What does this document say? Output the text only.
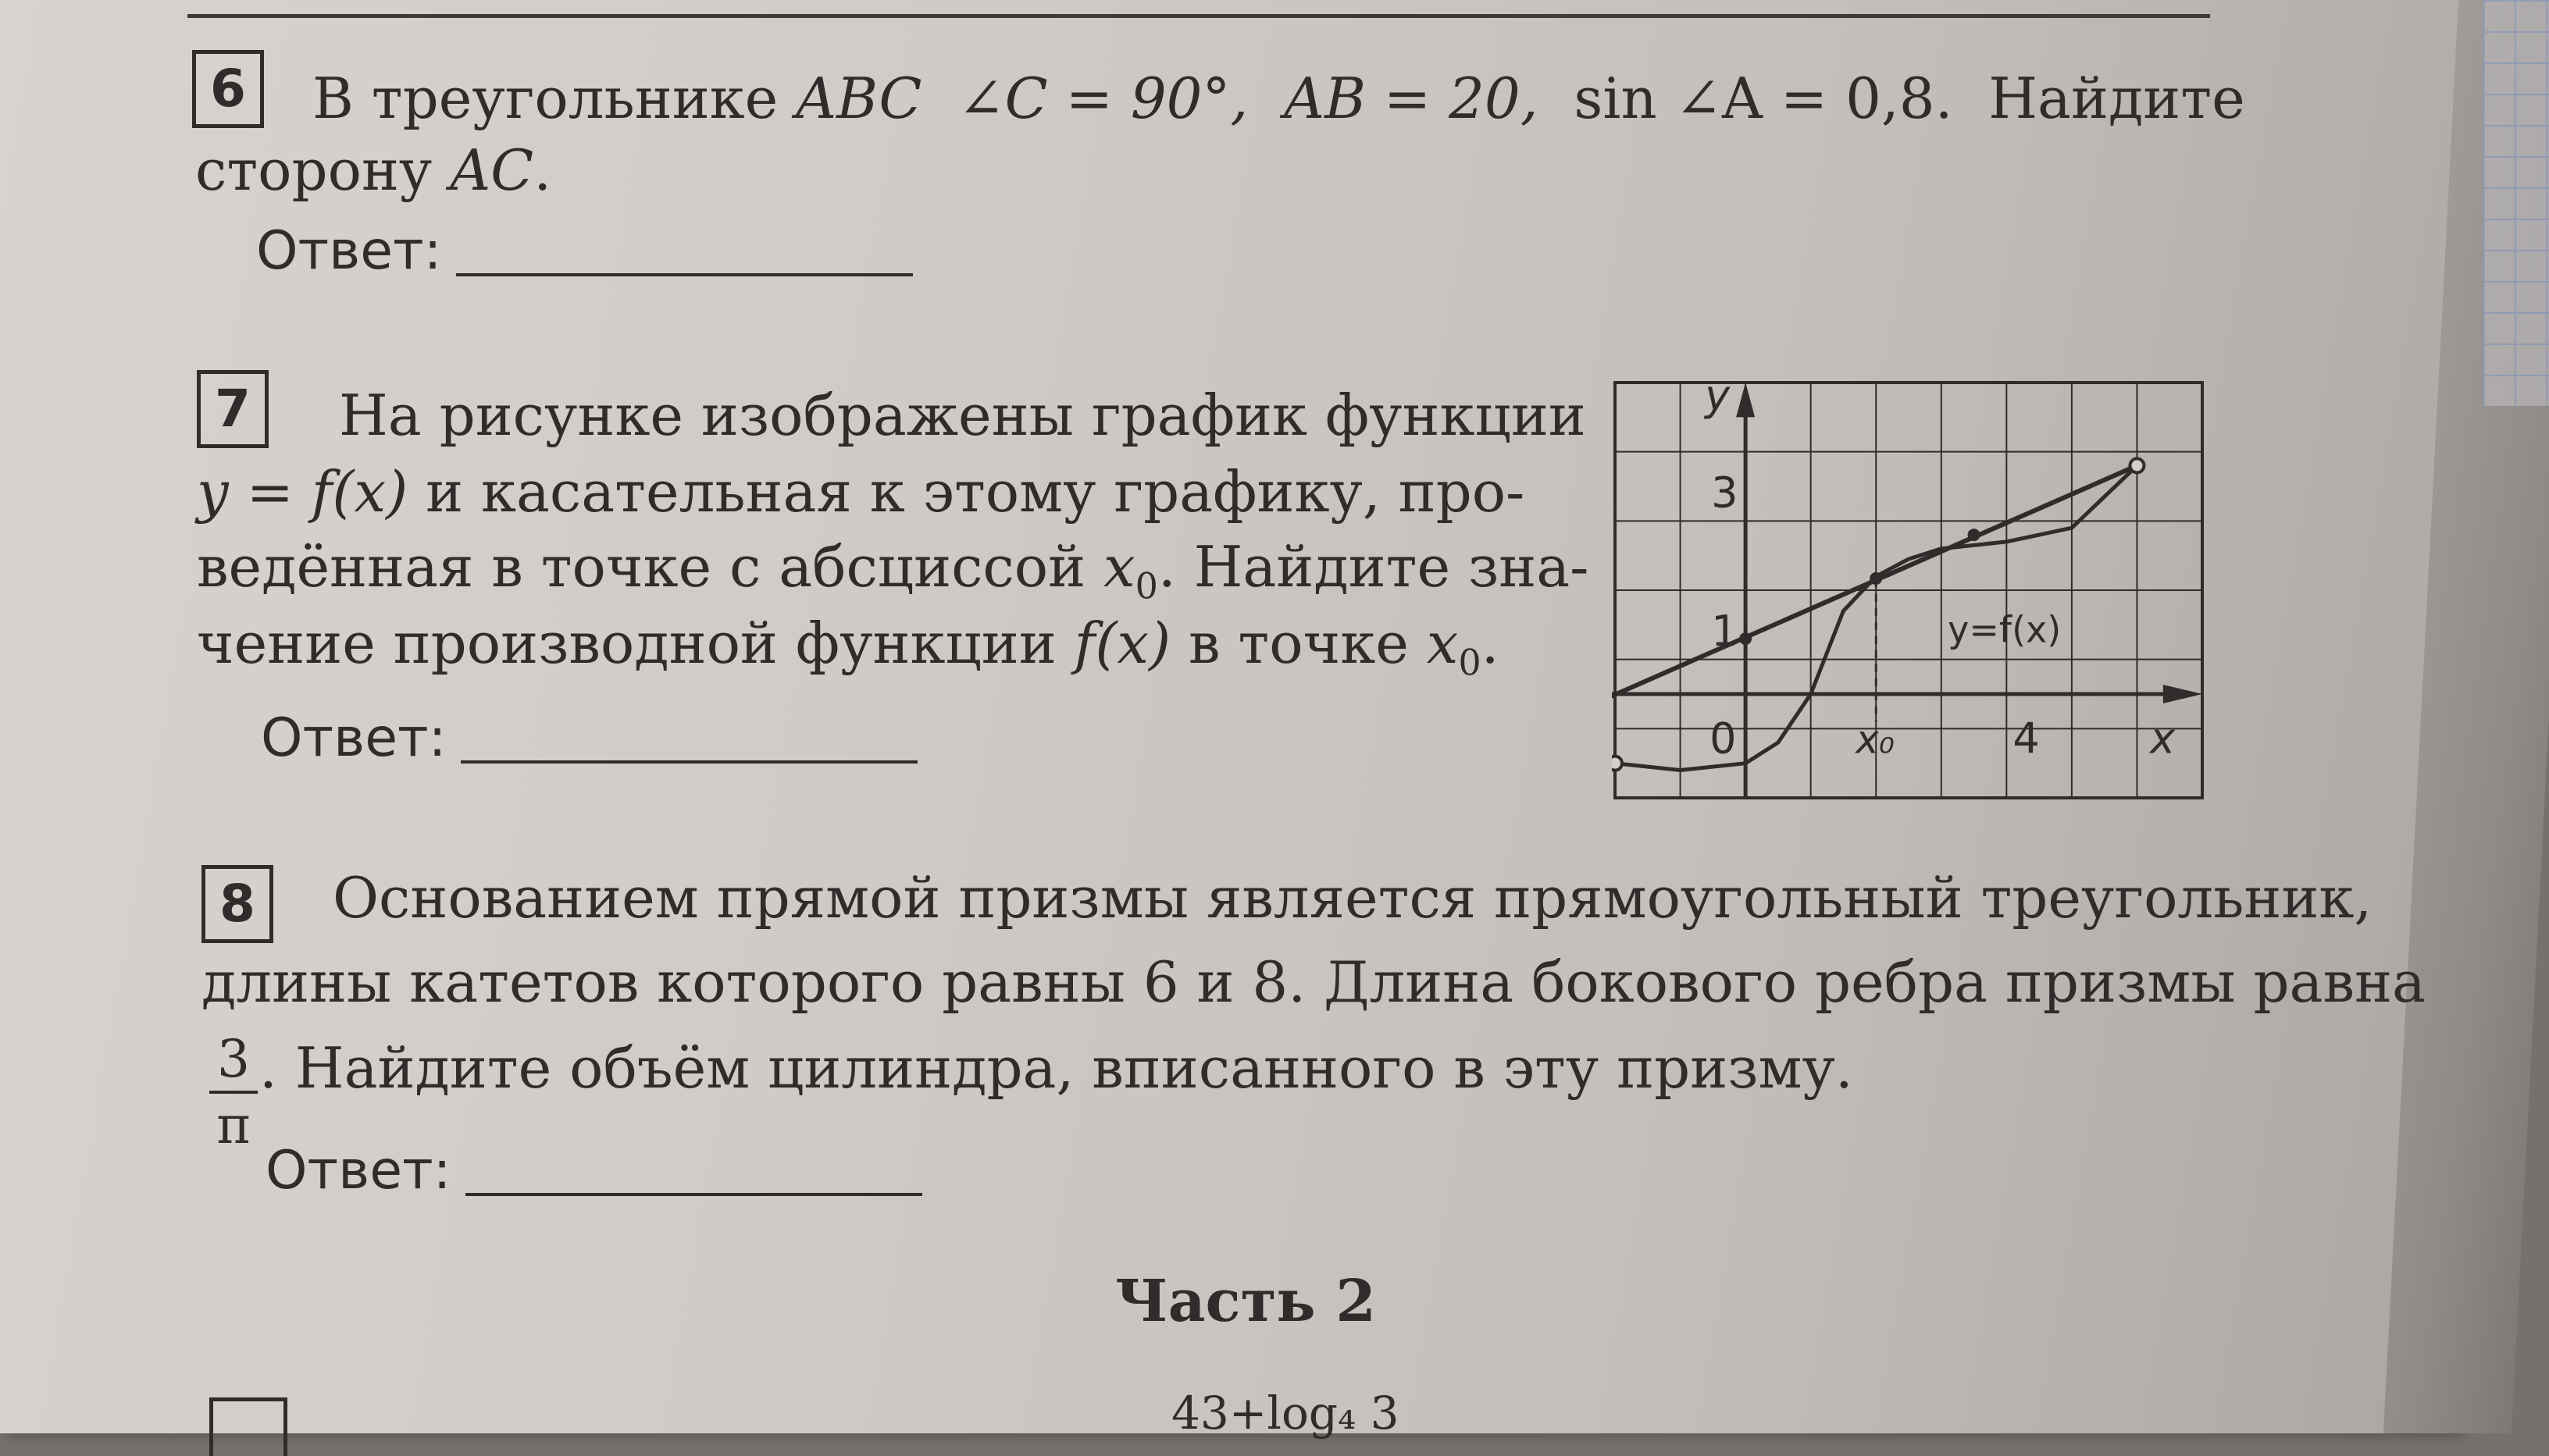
6	В треугольнике ABC ∠C = 90°, AB = 20, sin ∠A = 0,8. Найдите
сторону AC.
Ответ:
7	На рисунке изображены график функции
y = f(x) и касательная к этому графику, про-
ведённая в точке с абсциссой $x_0$. Найдите зна-
чение производной функции f(x) в точке $x_0$.
Ответ:
y
3
1
0	x₀	4	x
y=f(x)
8	Основанием прямой призмы является прямоугольный треугольник,
длины катетов которого равны 6 и 8. Длина бокового ребра призмы равна
3
π
. Найдите объём цилиндра, вписанного в эту призму.
Ответ:
Часть 2
43+log₄ 3
